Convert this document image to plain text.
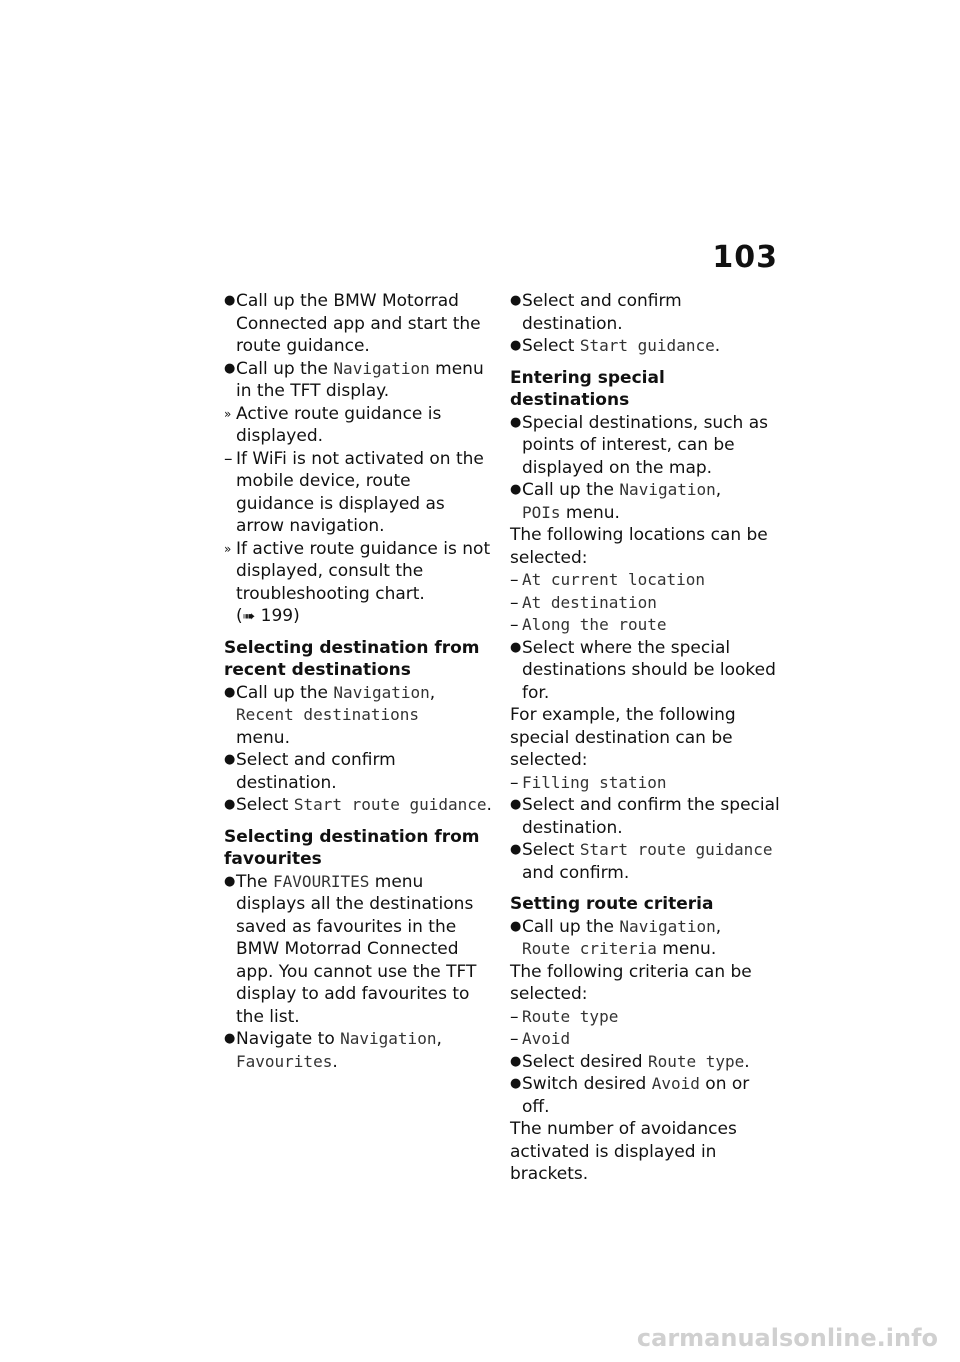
103
● Call up the BMW Motorrad Connected app and start the route guidance.
● Call up the Navigation menu in the TFT display.
» Active route guidance is displayed.
– If WiFi is not activated on the mobile device, route guidance is displayed as arrow navigation.
» If active route guidance is not displayed, consult the troubleshooting chart. (➠ 199)
Selecting destination from recent destinations
● Call up the Navigation,
Recent destinations
menu.
● Select and confirm destination.
● Select Start route guidance.
Selecting destination from favourites
● The FAVOURITES menu displays all the destinations saved as favourites in the BMW Motorrad Connected app. You cannot use the TFT display to add favourites to the list.
● Navigate to Navigation,
Favourites.
● Select and confirm destination.
● Select Start guidance.
Entering special destinations
● Special destinations, such as points of interest, can be displayed on the map.
● Call up the Navigation,
POIs menu.
The following locations can be selected:
– At current location
– At destination
– Along the route
● Select where the special destinations should be looked for.
For example, the following special destination can be selected:
– Filling station
● Select and confirm the special destination.
● Select Start route guidance and confirm.
Setting route criteria
● Call up the Navigation,
Route criteria menu.
The following criteria can be selected:
– Route type
– Avoid
● Select desired Route type.
● Switch desired Avoid on or off.
The number of avoidances activated is displayed in brackets.
carmanualsonline.info
